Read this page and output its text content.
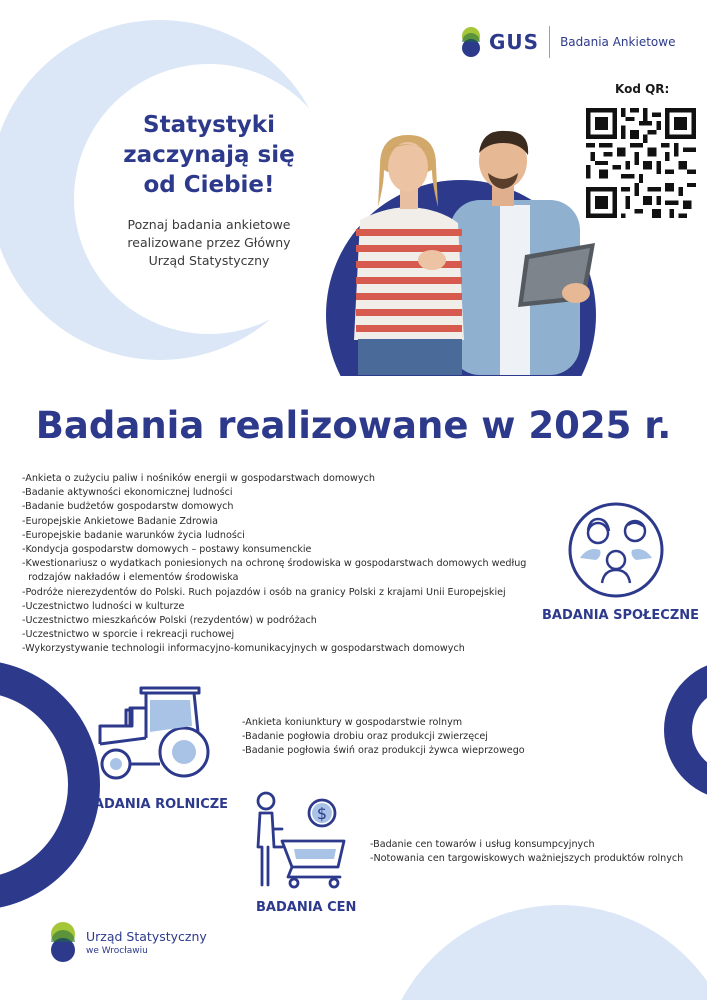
GUS Badania Ankietowe
Statystyki
zaczynają się
od Ciebie!
Poznaj badania ankietowe
realizowane przez Główny
Urząd Statystyczny
Kod QR:
Badania realizowane w 2025 r.
-Ankieta o zużyciu paliw i nośników energii w gospodarstwach domowych
-Badanie aktywności ekonomicznej ludności
-Badanie budżetów gospodarstw domowych
-Europejskie Ankietowe Badanie Zdrowia
-Europejskie badanie warunków życia ludności
-Kondycja gospodarstw domowych – postawy konsumenckie
-Kwestionariusz o wydatkach poniesionych na ochronę środowiska w gospodarstwach domowych według
rodzajów nakładów i elementów środowiska
-Podróże nierezydentów do Polski. Ruch pojazdów i osób na granicy Polski z krajami Unii Europejskiej
-Uczestnictwo ludności w kulturze
-Uczestnictwo mieszkańców Polski (rezydentów) w podróżach
-Uczestnictwo w sporcie i rekreacji ruchowej
-Wykorzystywanie technologii informacyjno-komunikacyjnych w gospodarstwach domowych
BADANIA SPOŁECZNE
BADANIA ROLNICZE
-Ankieta koniunktury w gospodarstwie rolnym
-Badanie pogłowia drobiu oraz produkcji zwierzęcej
-Badanie pogłowia świń oraz produkcji żywca wieprzowego
$
BADANIA CEN
-Badanie cen towarów i usług konsumpcyjnych
-Notowania cen targowiskowych ważniejszych produktów rolnych
Urząd Statystyczny
we Wrocławiu
